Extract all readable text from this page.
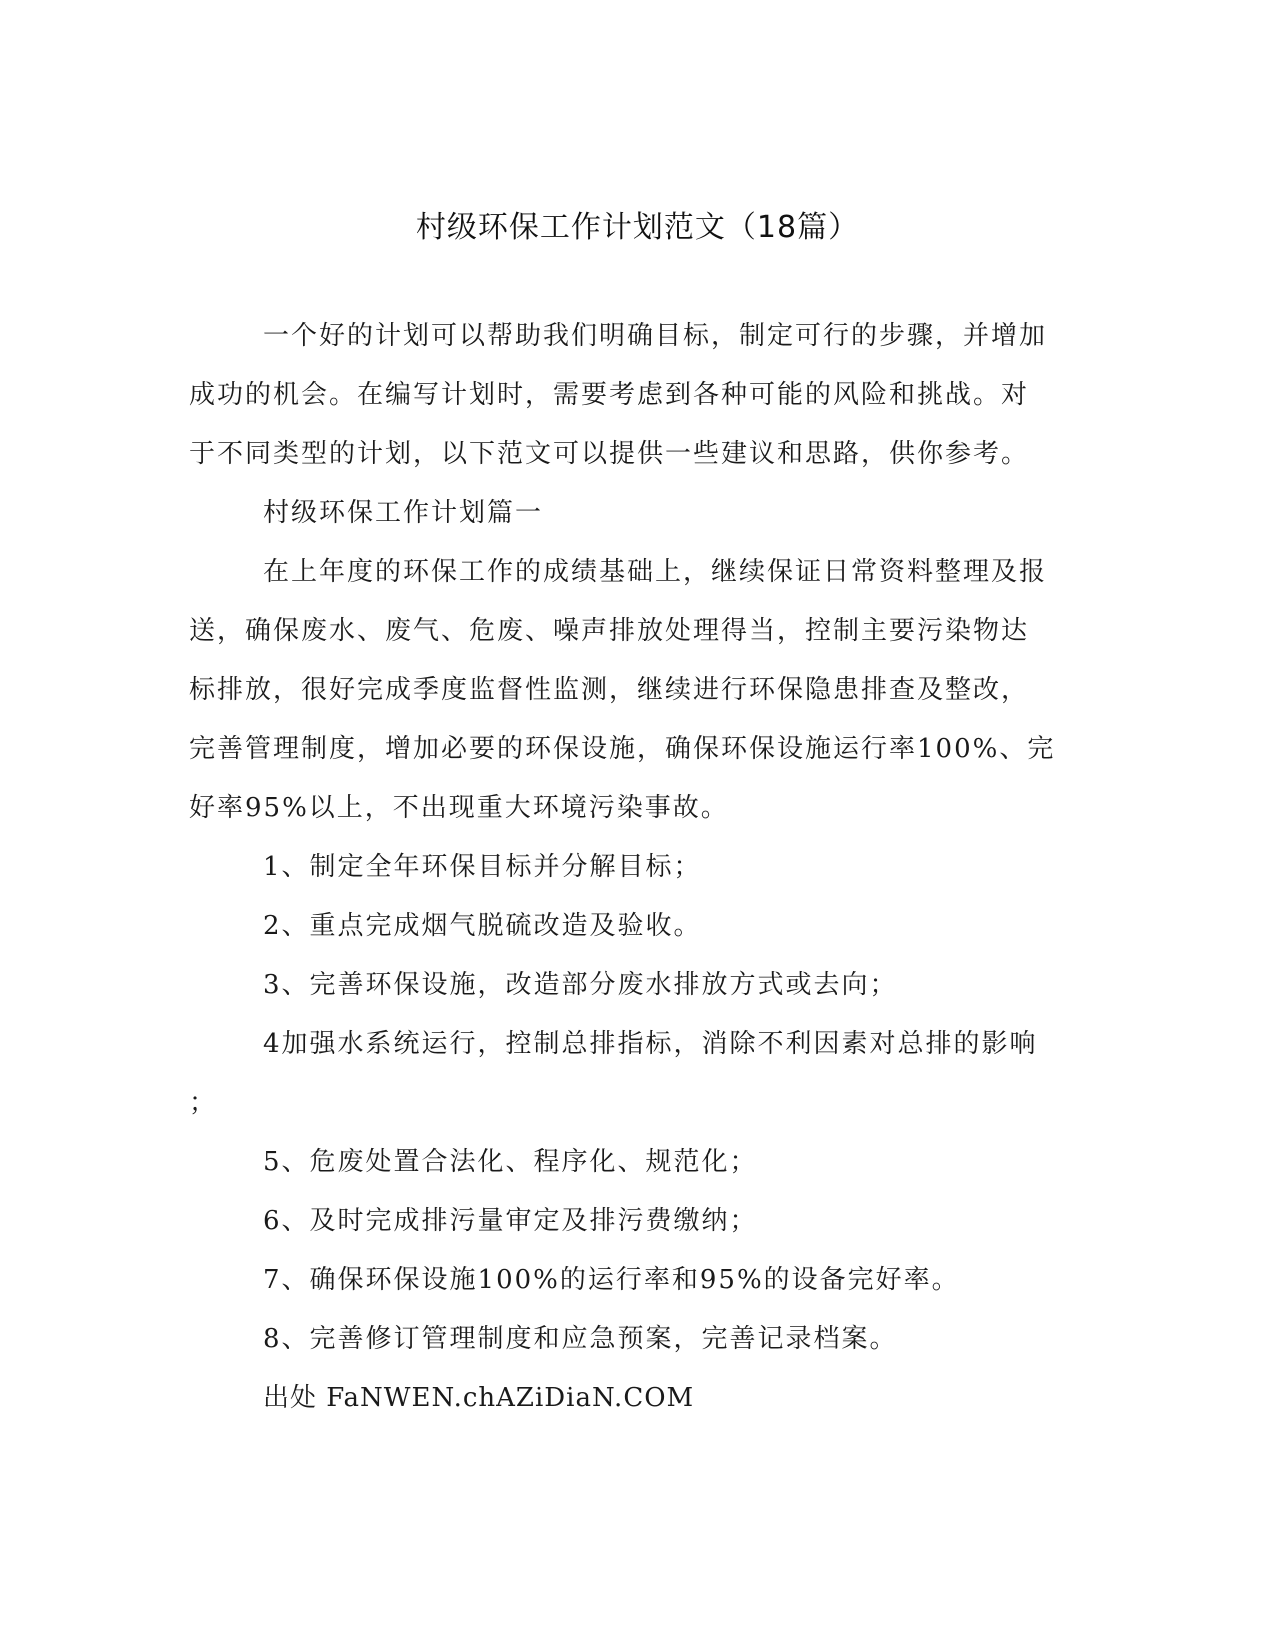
村级环保工作计划范文（18篇）
一个好的计划可以帮助我们明确目标，制定可行的步骤，并增加
成功的机会。在编写计划时，需要考虑到各种可能的风险和挑战。对
于不同类型的计划，以下范文可以提供一些建议和思路，供你参考。
村级环保工作计划篇一
在上年度的环保工作的成绩基础上，继续保证日常资料整理及报
送，确保废水、废气、危废、噪声排放处理得当，控制主要污染物达
标排放，很好完成季度监督性监测，继续进行环保隐患排查及整改，
完善管理制度，增加必要的环保设施，确保环保设施运行率100%、完
好率95%以上，不出现重大环境污染事故。
1、制定全年环保目标并分解目标；
2、重点完成烟气脱硫改造及验收。
3、完善环保设施，改造部分废水排放方式或去向；
4加强水系统运行，控制总排指标，消除不利因素对总排的影响
；
5、危废处置合法化、程序化、规范化；
6、及时完成排污量审定及排污费缴纳；
7、确保环保设施100%的运行率和95%的设备完好率。
8、完善修订管理制度和应急预案，完善记录档案。
出处 FaNWEN.chAZiDiaN.COM
